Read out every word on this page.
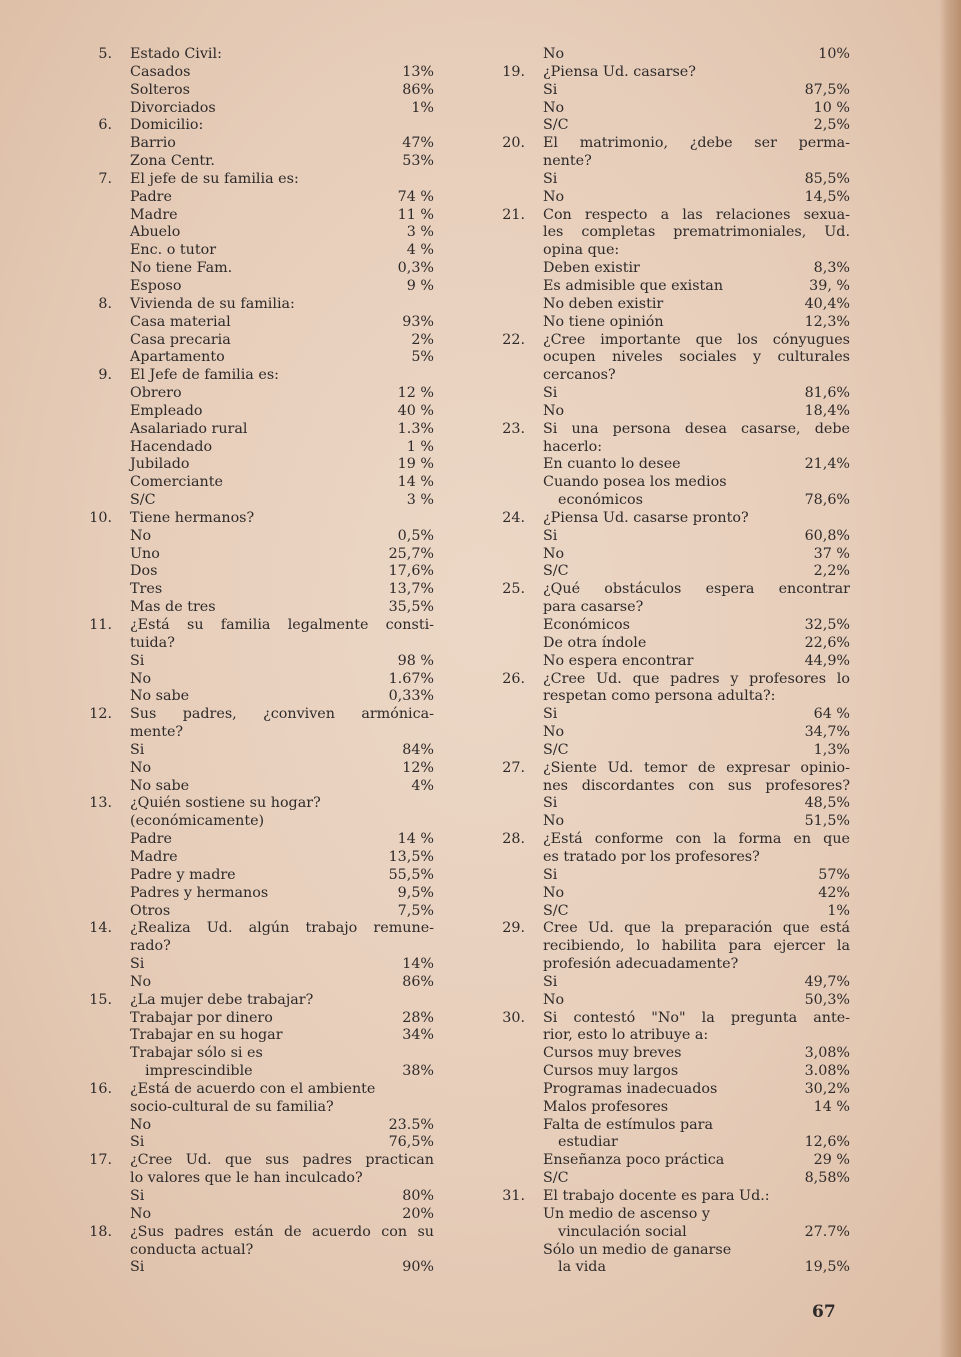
5. Estado Civil:
Casados	13%
Solteros	86%
Divorciados	1%
6. Domicilio:
Barrio	47%
Zona Centr.	53%
7. El jefe de su familia es:
Padre	74 %
Madre	11 %
Abuelo	3 %
Enc. o tutor	4 %
No tiene Fam.	0,3%
Esposo	9 %
8. Vivienda de su familia:
Casa material	93%
Casa precaria	2%
Apartamento	5%
9. El Jefe de familia es:
Obrero	12 %
Empleado	40 %
Asalariado rural	1.3%
Hacendado	1 %
Jubilado	19 %
Comerciante	14 %
S/C	3 %
10. Tiene hermanos?
No	0,5%
Uno	25,7%
Dos	17,6%
Tres	13,7%
Mas de tres	35,5%
11. ¿Está su familia legalmente consti-
tuida?
Si	98 %
No	1.67%
No sabe	0,33%
12. Sus padres, ¿conviven armónica-
mente?
Si	84%
No	12%
No sabe	4%
13. ¿Quién sostiene su hogar?
(económicamente)
Padre	14 %
Madre	13,5%
Padre y madre	55,5%
Padres y hermanos	9,5%
Otros	7,5%
14. ¿Realiza Ud. algún trabajo remune-
rado?
Si	14%
No	86%
15. ¿La mujer debe trabajar?
Trabajar por dinero	28%
Trabajar en su hogar	34%
Trabajar sólo si es
imprescindible	38%
16. ¿Está de acuerdo con el ambiente
socio-cultural de su familia?
No	23.5%
Si	76,5%
17. ¿Cree Ud. que sus padres practican
lo valores que le han inculcado?
Si	80%
No	20%
18. ¿Sus padres están de acuerdo con su
conducta actual?
Si	90%
No	10%
19. ¿Piensa Ud. casarse?
Si	87,5%
No	10 %
S/C	2,5%
20. El matrimonio, ¿debe ser perma-
nente?
Si	85,5%
No	14,5%
21. Con respecto a las relaciones sexua-
les completas prematrimoniales, Ud.
opina que:
Deben existir	8,3%
Es admisible que existan	39, %
No deben existir	40,4%
No tiene opinión	12,3%
22. ¿Cree importante que los cónyugues
ocupen niveles sociales y culturales
cercanos?
Si	81,6%
No	18,4%
23. Si una persona desea casarse, debe
hacerlo:
En cuanto lo desee	21,4%
Cuando posea los medios
económicos	78,6%
24. ¿Piensa Ud. casarse pronto?
Si	60,8%
No	37 %
S/C	2,2%
25. ¿Qué obstáculos espera encontrar
para casarse?
Económicos	32,5%
De otra índole	22,6%
No espera encontrar	44,9%
26. ¿Cree Ud. que padres y profesores lo
respetan como persona adulta?:
Si	64 %
No	34,7%
S/C	1,3%
27. ¿Siente Ud. temor de expresar opinio-
nes discordantes con sus profesores?
Si	48,5%
No	51,5%
28. ¿Está conforme con la forma en que
es tratado por los profesores?
Si	57%
No	42%
S/C	1%
29. Cree Ud. que la preparación que está
recibiendo, lo habilita para ejercer la
profesión adecuadamente?
Si	49,7%
No	50,3%
30. Si contestó "No" la pregunta ante-
rior, esto lo atribuye a:
Cursos muy breves	3,08%
Cursos muy largos	3.08%
Programas inadecuados	30,2%
Malos profesores	14 %
Falta de estímulos para
estudiar	12,6%
Enseñanza poco práctica	29 %
S/C	8,58%
31. El trabajo docente es para Ud.:
Un medio de ascenso y
vinculación social	27.7%
Sólo un medio de ganarse
la vida	19,5%
67
